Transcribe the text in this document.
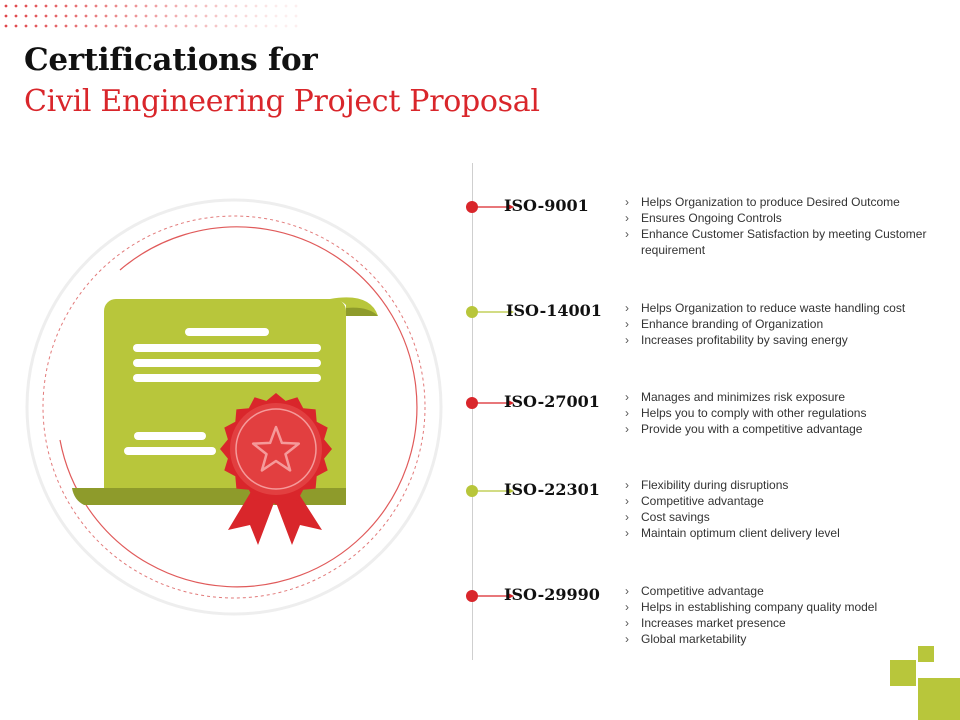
Certifications for
Civil Engineering Project Proposal
ISO-9001	› Helps Organization to produce Desired Outcome
› Ensures Ongoing Controls
› Enhance Customer Satisfaction by meeting Customer requirement
ISO-14001	› Helps Organization to reduce waste handling cost
› Enhance branding of Organization
› Increases profitability by saving energy
ISO-27001	› Manages and minimizes risk exposure
› Helps you to comply with other regulations
› Provide you with a competitive advantage
ISO-22301	› Flexibility during disruptions
› Competitive advantage
› Cost savings
› Maintain optimum client delivery level
ISO-29990	› Competitive advantage
› Helps in establishing company quality model
› Increases market presence
› Global marketability
